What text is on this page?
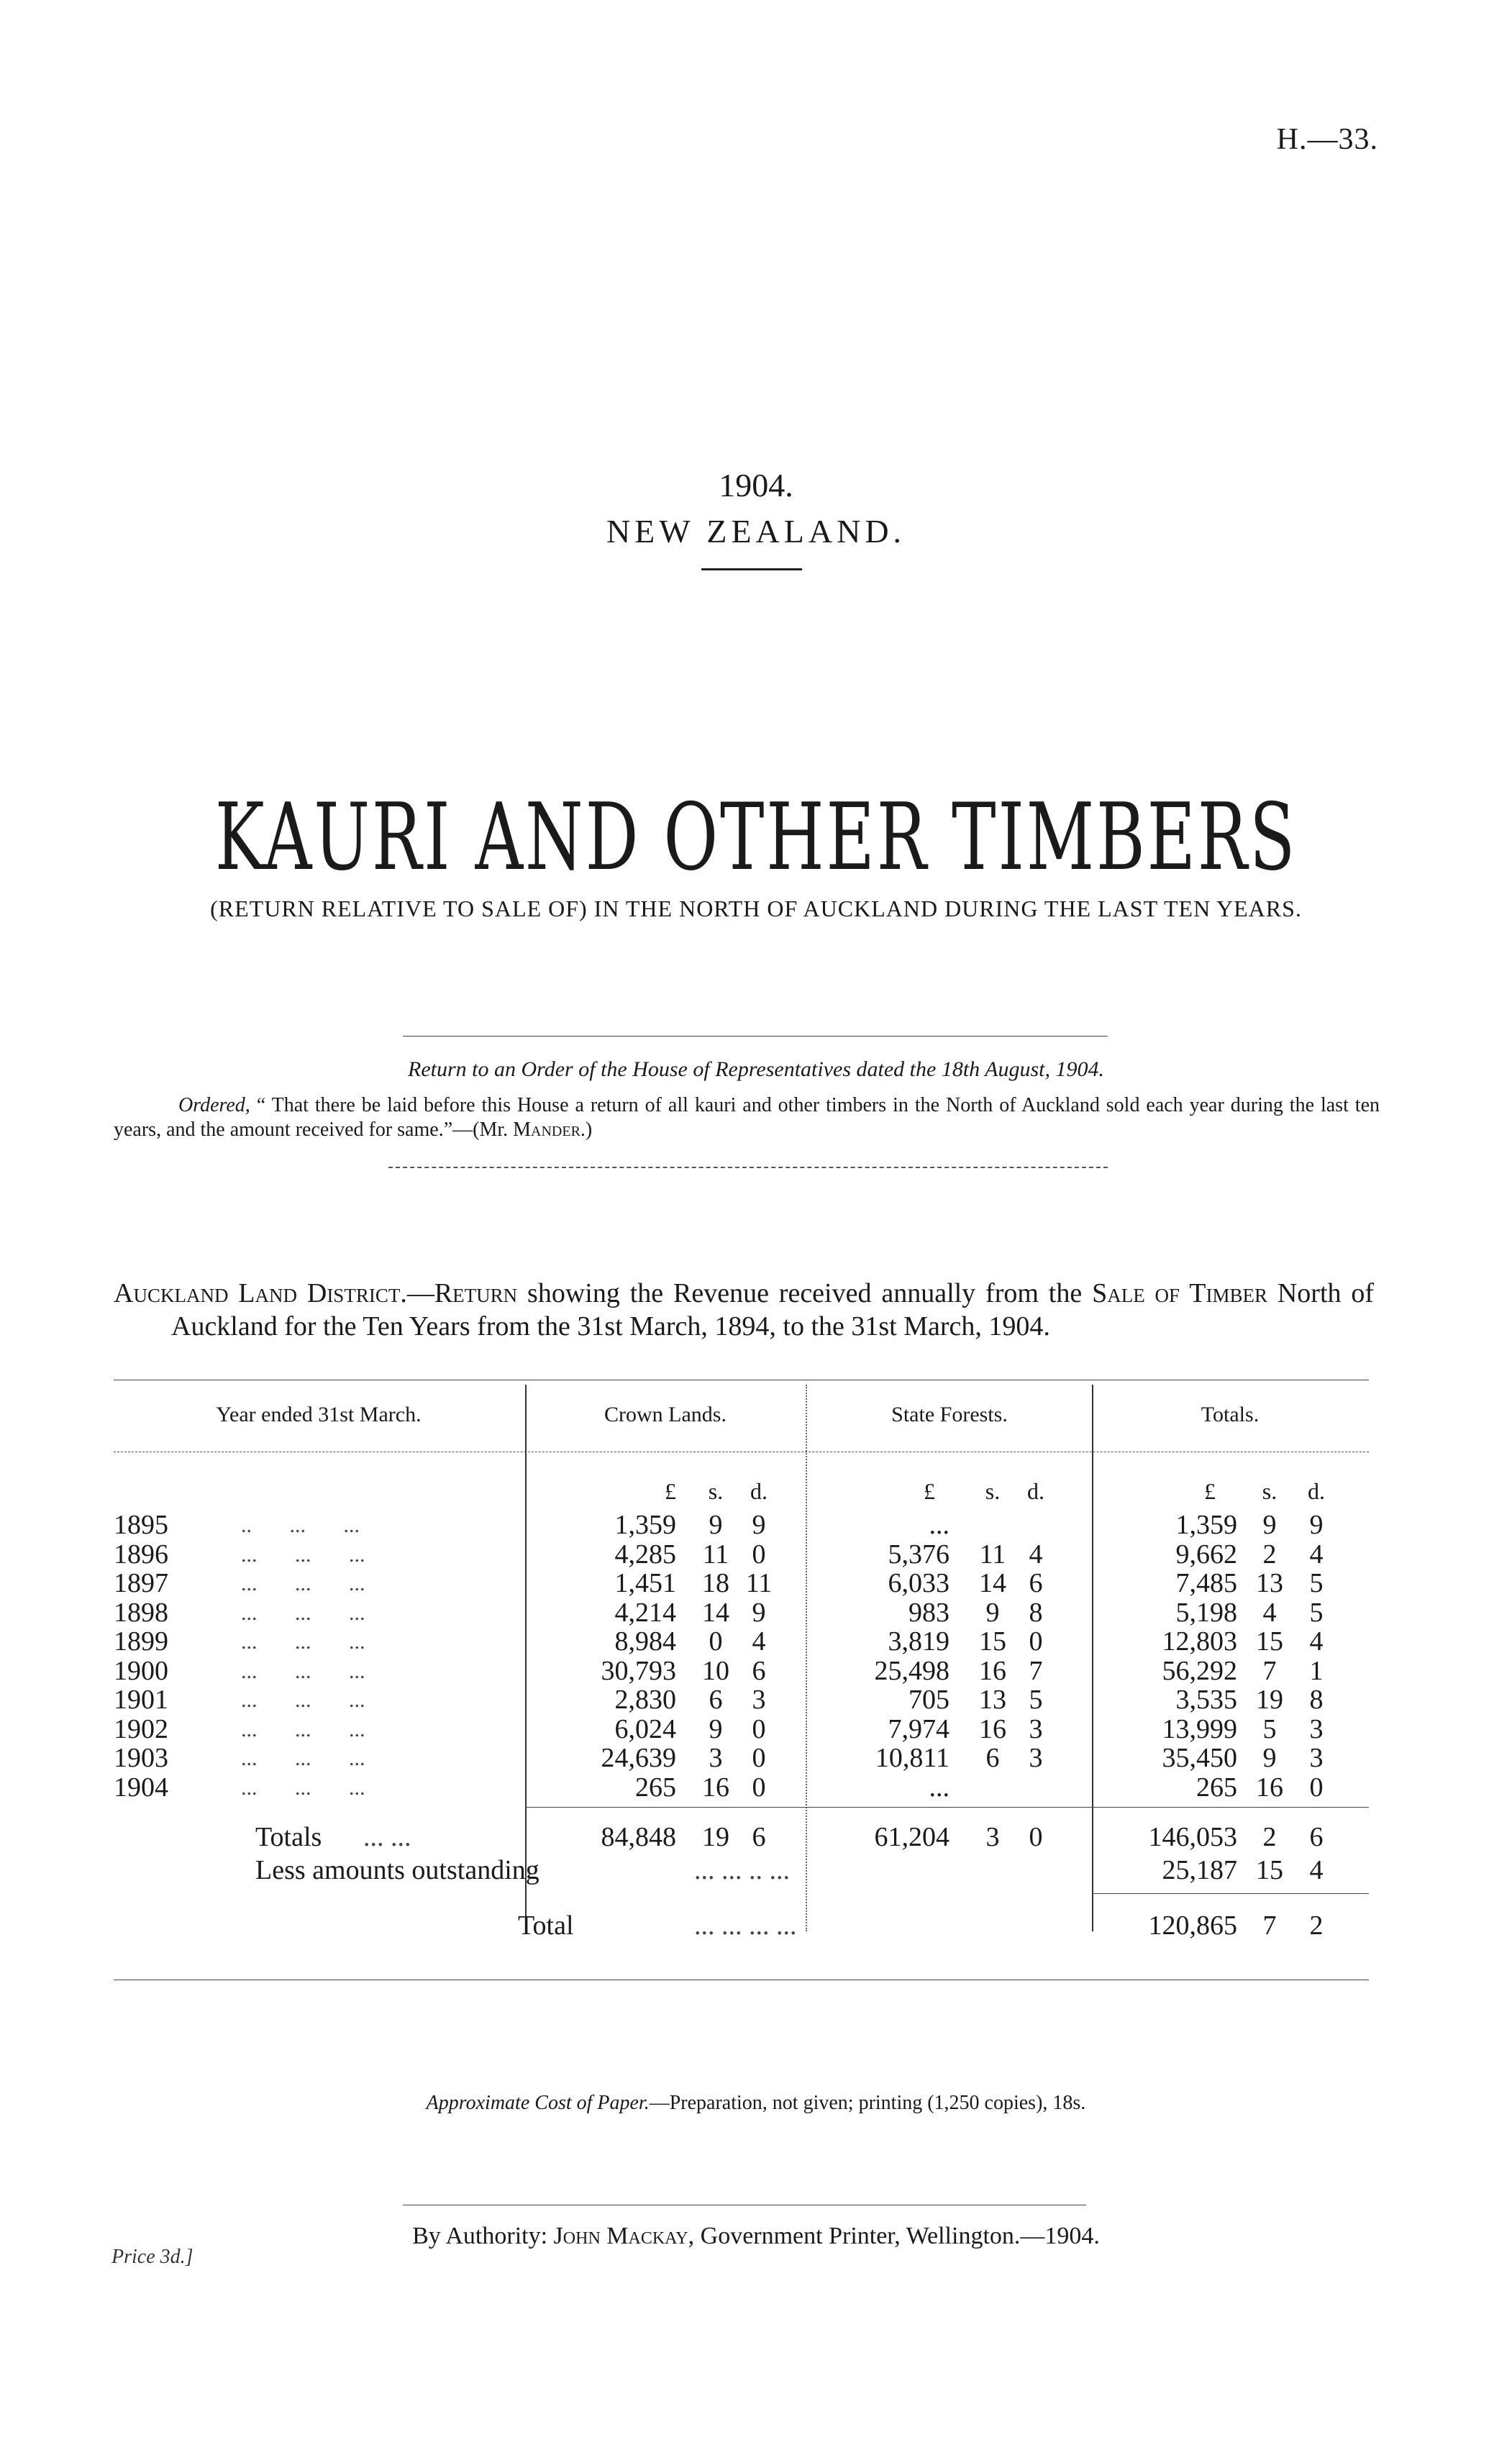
H.—33.
1904.
NEW ZEALAND.
KAURI AND OTHER TIMBERS
(RETURN RELATIVE TO SALE OF) IN THE NORTH OF AUCKLAND DURING THE LAST TEN YEARS.
Return to an Order of the House of Representatives dated the 18th August, 1904.
Ordered, “ That there be laid before this House a return of all kauri and other timbers in the North of Auckland sold each year during the last ten years, and the amount received for same.”—(Mr. Mander.)
Auckland Land District.—Return showing the Revenue received annually from the Sale of Timber North of Auckland for the Ten Years from the 31st March, 1894, to the 31st March, 1904.
Year ended 31st March.	Crown Lands.	State Forests.	Totals.
£	s.	d.	£	s.	d.	£	s.	d.
1895	..       ...       ...	1,359	9	9	...	1,359 9	9
1896	...       ...       ...	4,285 11 0	5,376	11 4	9,662 2	4
1897	...       ...       ...	1,451 18 11	6,033 14 6	7,485 13 5
1898	...       ...       ...	4,214 14 9	983	9	8	5,198 4	5
1899	...       ...       ...	8,984	0	4	3,819 15 0	12,803 15 4
1900	...       ...       ...	30,793 10 6	25,498 16 7	56,292 7	1
1901	...       ...       ...	2,830	6	3	705 13 5	3,535 19 8
1902	...       ...       ...	6,024	9	0	7,974 16 3	13,999 5	3
1903	...       ...       ...	24,639	3	0	10,811	6	3	35,450 9	3
1904	...       ...       ...	265 16 0	...	265 16 0
Totals ... ...	84,848 19 6	61,204	3	0	146,053 2	6
Less amounts outstanding	... ... .. ...	25,187 15 4
Total	... ... ... ...	120,865 7	2
Approximate Cost of Paper.—Preparation, not given; printing (1,250 copies), 18s.
By Authority: John Mackay, Government Printer, Wellington.—1904.
Price 3d.]
